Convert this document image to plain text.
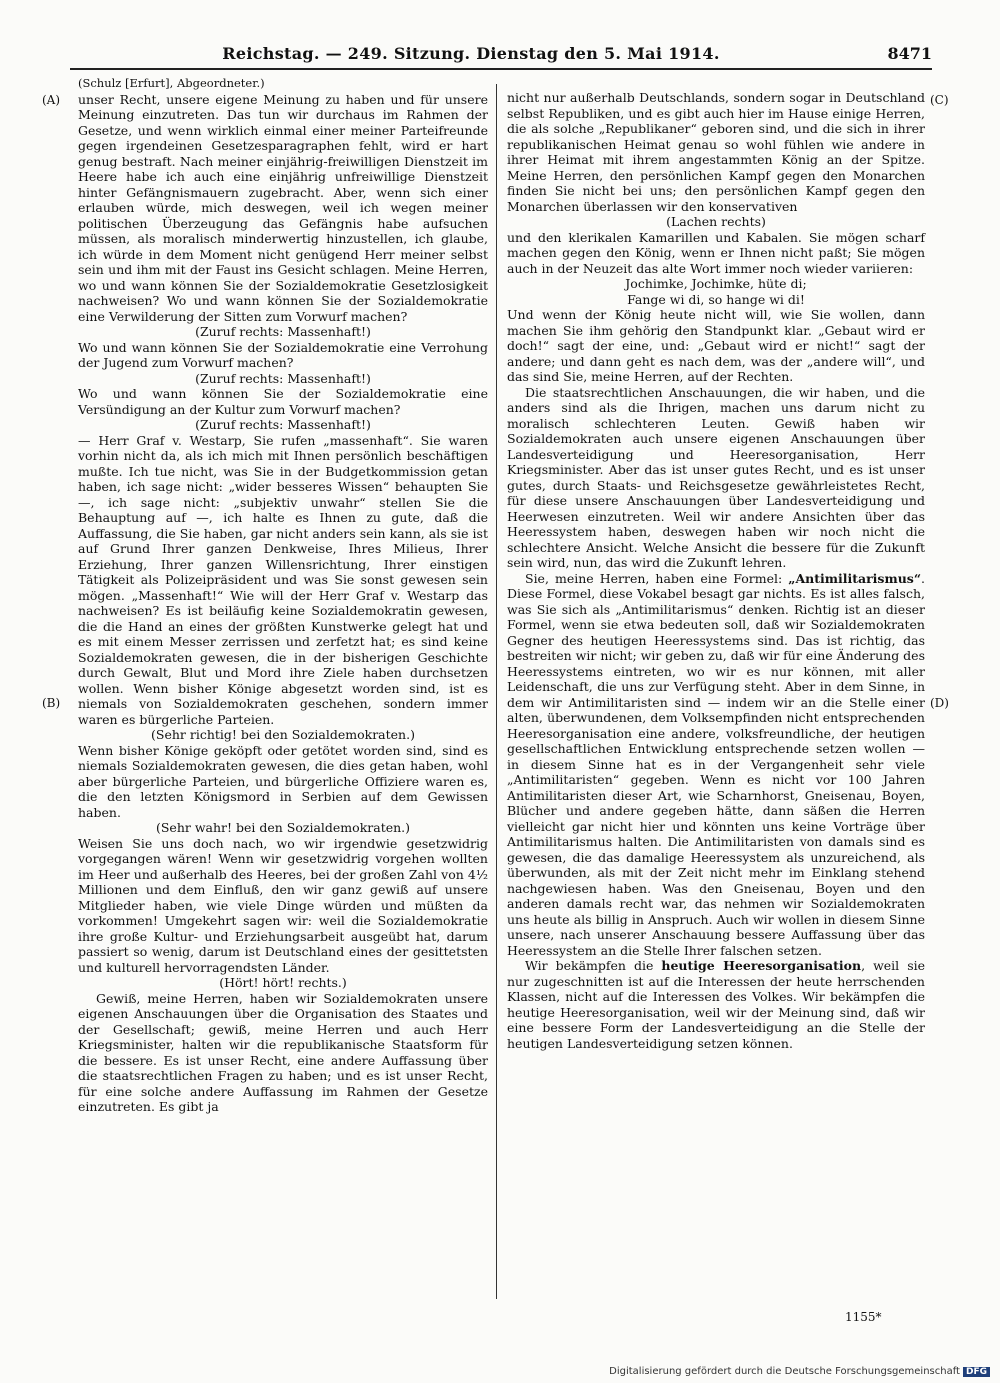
Reichstag. — 249. Sitzung. Dienstag den 5. Mai 1914.	8471
(A)
(B)
(C)
(D)

(Schulz [Erfurt], Abgeordneter.)

unser Recht, unsere eigene Meinung zu haben und für unsere Meinung einzutreten. Das tun wir durchaus im Rahmen der Gesetze, und wenn wirklich einmal einer meiner Parteifreunde gegen irgendeinen Gesetzesparagraphen fehlt, wird er hart genug bestraft. Nach meiner einjährig-freiwilligen Dienstzeit im Heere habe ich auch eine einjährig unfreiwillige Dienstzeit hinter Gefängnismauern zugebracht. Aber, wenn sich einer erlauben würde, mich deswegen, weil ich wegen meiner politischen Überzeugung das Gefängnis habe aufsuchen müssen, als moralisch minderwertig hinzustellen, ich glaube, ich würde in dem Moment nicht genügend Herr meiner selbst sein und ihm mit der Faust ins Gesicht schlagen. Meine Herren, wo und wann können Sie der Sozialdemokratie Gesetzlosigkeit nachweisen? Wo und wann können Sie der Sozialdemokratie eine Verwilderung der Sitten zum Vorwurf machen?

(Zuruf rechts: Massenhaft!)

Wo und wann können Sie der Sozialdemokratie eine Verrohung der Jugend zum Vorwurf machen?

(Zuruf rechts: Massenhaft!)

Wo und wann können Sie der Sozialdemokratie eine Versündigung an der Kultur zum Vorwurf machen?

(Zuruf rechts: Massenhaft!)

— Herr Graf v. Westarp, Sie rufen „massenhaft“. Sie waren vorhin nicht da, als ich mich mit Ihnen persönlich beschäftigen mußte. Ich tue nicht, was Sie in der Budgetkommission getan haben, ich sage nicht: „wider besseres Wissen“ behaupten Sie —, ich sage nicht: „subjektiv unwahr“ stellen Sie die Behauptung auf —, ich halte es Ihnen zu gute, daß die Auffassung, die Sie haben, gar nicht anders sein kann, als sie ist auf Grund Ihrer ganzen Denkweise, Ihres Milieus, Ihrer Erziehung, Ihrer ganzen Willensrichtung, Ihrer einstigen Tätigkeit als Polizeipräsident und was Sie sonst gewesen sein mögen. „Massenhaft!“ Wie will der Herr Graf v. Westarp das nachweisen? Es ist beiläufig keine Sozialdemokratin gewesen, die die Hand an eines der größten Kunstwerke gelegt hat und es mit einem Messer zerrissen und zerfetzt hat; es sind keine Sozialdemokraten gewesen, die in der bisherigen Geschichte durch Gewalt, Blut und Mord ihre Ziele haben durchsetzen wollen. Wenn bisher Könige abgesetzt worden sind, ist es niemals von Sozialdemokraten geschehen, sondern immer waren es bürgerliche Parteien.

(Sehr richtig! bei den Sozialdemokraten.)

Wenn bisher Könige geköpft oder getötet worden sind, sind es niemals Sozialdemokraten gewesen, die dies getan haben, wohl aber bürgerliche Parteien, und bürgerliche Offiziere waren es, die den letzten Königsmord in Serbien auf dem Gewissen haben.

(Sehr wahr! bei den Sozialdemokraten.)

Weisen Sie uns doch nach, wo wir irgendwie gesetzwidrig vorgegangen wären! Wenn wir gesetzwidrig vorgehen wollten im Heer und außerhalb des Heeres, bei der großen Zahl von 4½ Millionen und dem Einfluß, den wir ganz gewiß auf unsere Mitglieder haben, wie viele Dinge würden und müßten da vorkommen! Umgekehrt sagen wir: weil die Sozialdemokratie ihre große Kultur- und Erziehungsarbeit ausgeübt hat, darum passiert so wenig, darum ist Deutschland eines der gesittetsten und kulturell hervorragendsten Länder.

(Hört! hört! rechts.)

Gewiß, meine Herren, haben wir Sozialdemokraten unsere eigenen Anschauungen über die Organisation des Staates und der Gesellschaft; gewiß, meine Herren und auch Herr Kriegsminister, halten wir die republikanische Staatsform für die bessere. Es ist unser Recht, eine andere Auffassung über die staatsrechtlichen Fragen zu haben; und es ist unser Recht, für eine solche andere Auffassung im Rahmen der Gesetze einzutreten. Es gibt ja

nicht nur außerhalb Deutschlands, sondern sogar in Deutschland selbst Republiken, und es gibt auch hier im Hause einige Herren, die als solche „Republikaner“ geboren sind, und die sich in ihrer republikanischen Heimat genau so wohl fühlen wie andere in ihrer Heimat mit ihrem angestammten König an der Spitze. Meine Herren, den persönlichen Kampf gegen den Monarchen finden Sie nicht bei uns; den persönlichen Kampf gegen den Monarchen überlassen wir den konservativen

(Lachen rechts)

und den klerikalen Kamarillen und Kabalen. Sie mögen scharf machen gegen den König, wenn er Ihnen nicht paßt; Sie mögen auch in der Neuzeit das alte Wort immer noch wieder variieren:

Jochimke, Jochimke, hüte di;

Fange wi di, so hange wi di!

Und wenn der König heute nicht will, wie Sie wollen, dann machen Sie ihm gehörig den Standpunkt klar. „Gebaut wird er doch!“ sagt der eine, und: „Gebaut wird er nicht!“ sagt der andere; und dann geht es nach dem, was der „andere will“, und das sind Sie, meine Herren, auf der Rechten.

Die staatsrechtlichen Anschauungen, die wir haben, und die anders sind als die Ihrigen, machen uns darum nicht zu moralisch schlechteren Leuten. Gewiß haben wir Sozialdemokraten auch unsere eigenen Anschauungen über Landesverteidigung und Heeresorganisation, Herr Kriegsminister. Aber das ist unser gutes Recht, und es ist unser gutes, durch Staats- und Reichsgesetze gewährleistetes Recht, für diese unsere Anschauungen über Landesverteidigung und Heerwesen einzutreten. Weil wir andere Ansichten über das Heeressystem haben, deswegen haben wir noch nicht die schlechtere Ansicht. Welche Ansicht die bessere für die Zukunft sein wird, nun, das wird die Zukunft lehren.

Sie, meine Herren, haben eine Formel: „Antimilitarismus“. Diese Formel, diese Vokabel besagt gar nichts. Es ist alles falsch, was Sie sich als „Antimilitarismus“ denken. Richtig ist an dieser Formel, wenn sie etwa bedeuten soll, daß wir Sozialdemokraten Gegner des heutigen Heeressystems sind. Das ist richtig, das bestreiten wir nicht; wir geben zu, daß wir für eine Änderung des Heeressystems eintreten, wo wir es nur können, mit aller Leidenschaft, die uns zur Verfügung steht. Aber in dem Sinne, in dem wir Antimilitaristen sind — indem wir an die Stelle einer alten, überwundenen, dem Volksempfinden nicht entsprechenden Heeresorganisation eine andere, volksfreundliche, der heutigen gesellschaftlichen Entwicklung entsprechende setzen wollen — in diesem Sinne hat es in der Vergangenheit sehr viele „Antimilitaristen“ gegeben. Wenn es nicht vor 100 Jahren Antimilitaristen dieser Art, wie Scharnhorst, Gneisenau, Boyen, Blücher und andere gegeben hätte, dann säßen die Herren vielleicht gar nicht hier und könnten uns keine Vorträge über Antimilitarismus halten. Die Antimilitaristen von damals sind es gewesen, die das damalige Heeressystem als unzureichend, als überwunden, als mit der Zeit nicht mehr im Einklang stehend nachgewiesen haben. Was den Gneisenau, Boyen und den anderen damals recht war, das nehmen wir Sozialdemokraten uns heute als billig in Anspruch. Auch wir wollen in diesem Sinne unsere, nach unserer Anschauung bessere Auffassung über das Heeressystem an die Stelle Ihrer falschen setzen.

Wir bekämpfen die heutige Heeresorganisation, weil sie nur zugeschnitten ist auf die Interessen der heute herrschenden Klassen, nicht auf die Interessen des Volkes. Wir bekämpfen die heutige Heeresorganisation, weil wir der Meinung sind, daß wir eine bessere Form der Landesverteidigung an die Stelle der heutigen Landesverteidigung setzen können.

1155*
Digitalisierung gefördert durch die Deutsche Forschungsgemeinschaft DFG
